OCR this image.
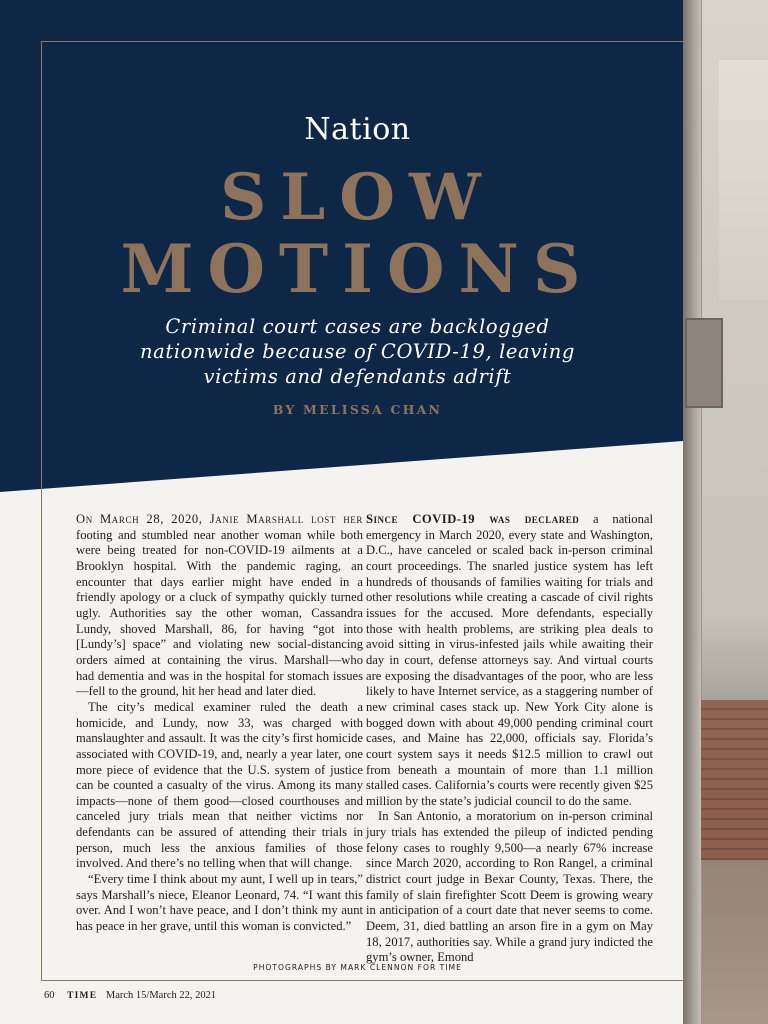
Nation
SLOW
MOTIONS
Criminal court cases are backlogged nationwide because of COVID-19, leaving victims and defendants adrift
BY MELISSA CHAN

On March 28, 2020, Janie Marshall lost her footing and stumbled near another woman while both were being treated for non-COVID-19 ailments at a Brooklyn hospital. With the pandemic raging, an encounter that days earlier might have ended in a friendly apology or a cluck of sympathy quickly turned ugly. Authorities say the other woman, Cassandra Lundy, shoved Marshall, 86, for having “got into [Lundy’s] space” and violating new social-distancing orders aimed at containing the virus. Marshall—who had dementia and was in the hospital for stomach issues—fell to the ground, hit her head and later died.

The city’s medical examiner ruled the death a homicide, and Lundy, now 33, was charged with manslaughter and assault. It was the city’s first homicide associated with COVID-19, and, nearly a year later, one more piece of evidence that the U.S. system of justice can be counted a casualty of the virus. Among its many impacts—none of them good—closed courthouses and canceled jury trials mean that neither victims nor defendants can be assured of attending their trials in person, much less the anxious families of those involved. And there’s no telling when that will change.

“Every time I think about my aunt, I well up in tears,” says Marshall’s niece, Eleanor Leonard, 74. “I want this over. And I won’t have peace, and I don’t think my aunt has peace in her grave, until this woman is convicted.”

Since COVID-19 was declared a national emergency in March 2020, every state and Washington, D.C., have canceled or scaled back in-person criminal court proceedings. The snarled justice system has left hundreds of thousands of families waiting for trials and other resolutions while creating a cascade of civil rights issues for the accused. More defendants, especially those with health problems, are striking plea deals to avoid sitting in virus-infested jails while awaiting their day in court, defense attorneys say. And virtual courts are exposing the disadvantages of the poor, who are less likely to have Internet service, as a staggering number of new criminal cases stack up. New York City alone is bogged down with about 49,000 pending criminal court cases, and Maine has 22,000, officials say. Florida’s court system says it needs $12.5 million to crawl out from beneath a mountain of more than 1.1 million stalled cases. California’s courts were recently given $25 million by the state’s judicial council to do the same.

In San Antonio, a moratorium on in-person criminal jury trials has extended the pileup of indicted pending felony cases to roughly 9,500—a nearly 67% increase since March 2020, according to Ron Rangel, a criminal district court judge in Bexar County, Texas. There, the family of slain firefighter Scott Deem is growing weary in anticipation of a court date that never seems to come. Deem, 31, died battling an arson fire in a gym on May 18, 2017, authorities say. While a grand jury indicted the gym’s owner, Emond

PHOTOGRAPHS BY MARK CLENNON FOR TIME
60 TIME March 15/March 22, 2021
